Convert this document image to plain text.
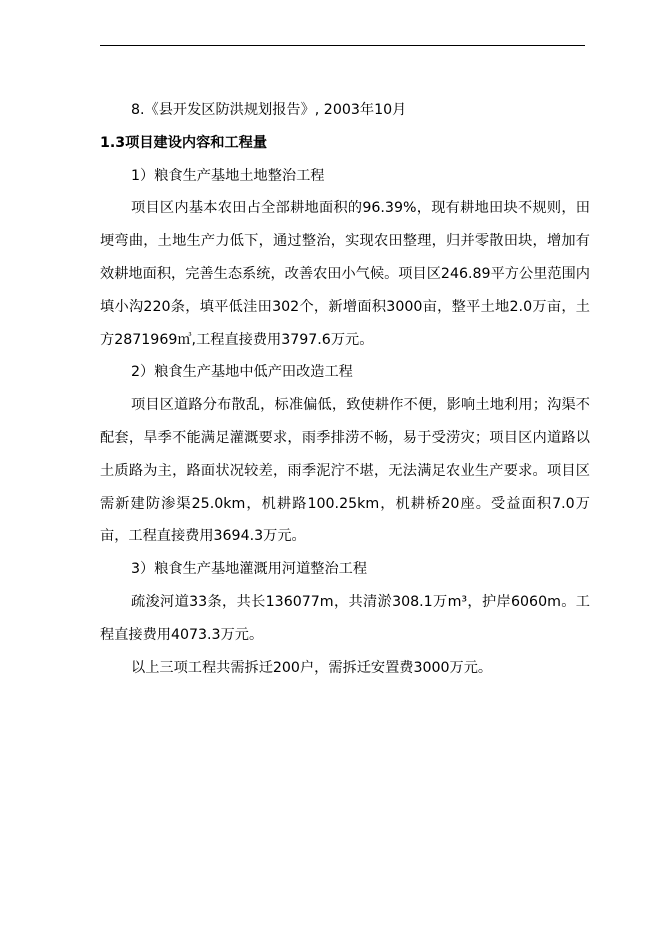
8.《县开发区防洪规划报告》, 2003年10月

1.3项目建设内容和工程量

1）粮食生产基地土地整治工程

项目区内基本农田占全部耕地面积的96.39%，现有耕地田块不规则，田埂弯曲，土地生产力低下，通过整治，实现农田整理，归并零散田块，增加有效耕地面积，完善生态系统，改善农田小气候。项目区246.89平方公里范围内填小沟220条，填平低洼田302个，新增面积3000亩，整平土地2.0万亩，土方2871969㎥,工程直接费用3797.6万元。

2）粮食生产基地中低产田改造工程

项目区道路分布散乱，标准偏低，致使耕作不便，影响土地利用；沟渠不配套，旱季不能满足灌溉要求，雨季排涝不畅，易于受涝灾；项目区内道路以土质路为主，路面状况较差，雨季泥泞不堪，无法满足农业生产要求。项目区需新建防渗渠25.0km，机耕路100.25km，机耕桥20座。受益面积7.0万亩，工程直接费用3694.3万元。

3）粮食生产基地灌溉用河道整治工程

疏浚河道33条，共长136077m，共清淤308.1万m³，护岸6060m。工程直接费用4073.3万元。

以上三项工程共需拆迁200户，需拆迁安置费3000万元。
